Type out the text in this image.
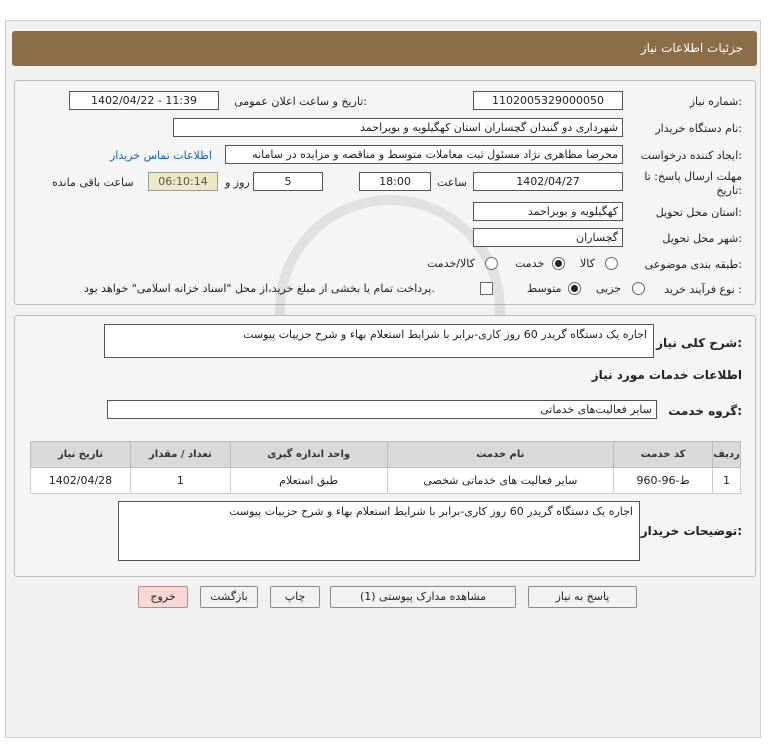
جزئیات اطلاعات نیاز
شماره نیاز:
1102005329000050
تاریخ و ساعت اعلان عمومی:
1402/04/22 - 11:39
نام دستگاه خریدار:
شهرداری دو گنبدان گچساران استان کهگیلویه و بویراحمد
ایجاد کننده درخواست:
محرضا مظاهری نژاد مسئول ثبت معاملات متوسط و مناقصه و مزایده در سامانه
اطلاعات تماس خریدار
مهلت ارسال پاسخ: تا
تاریخ:
1402/04/27
ساعت
18:00
5
روز و
06:10:14
ساعت باقی مانده
استان محل تحویل:
کهگیلویه و بویراحمد
شهر محل تحویل:
گچساران
طبقه بندی موضوعی:
کالا
خدمت
کالا/خدمت
نوع فرآیند خرید :
جزیی
متوسط
پرداخت تمام یا بخشی از مبلغ خرید،از محل "اسناد خزانه اسلامی" خواهد بود.
شرح کلی نیاز:
اجاره یک دستگاه گریدر 60 روز کاری-برابر با شرایط استعلام بهاء و شرح جزییات پیوست
اطلاعات خدمات مورد نیاز
گروه خدمت:
سایر فعالیت‌های خدماتی
ردیف	کد خدمت	نام خدمت	واحد اندازه گیری	تعداد / مقدار	تاریخ نیاز
1	ط-96-960	سایر فعالیت های خدماتی شخصی	طبق استعلام	1	1402/04/28
توضیحات خریدار:
اجاره یک دستگاه گریدر 60 روز کاری-برابر با شرایط استعلام بهاء و شرح جزییات پیوست
پاسخ به نیاز
مشاهده مدارک پیوستی (1)
چاپ
بازگشت
خروج
